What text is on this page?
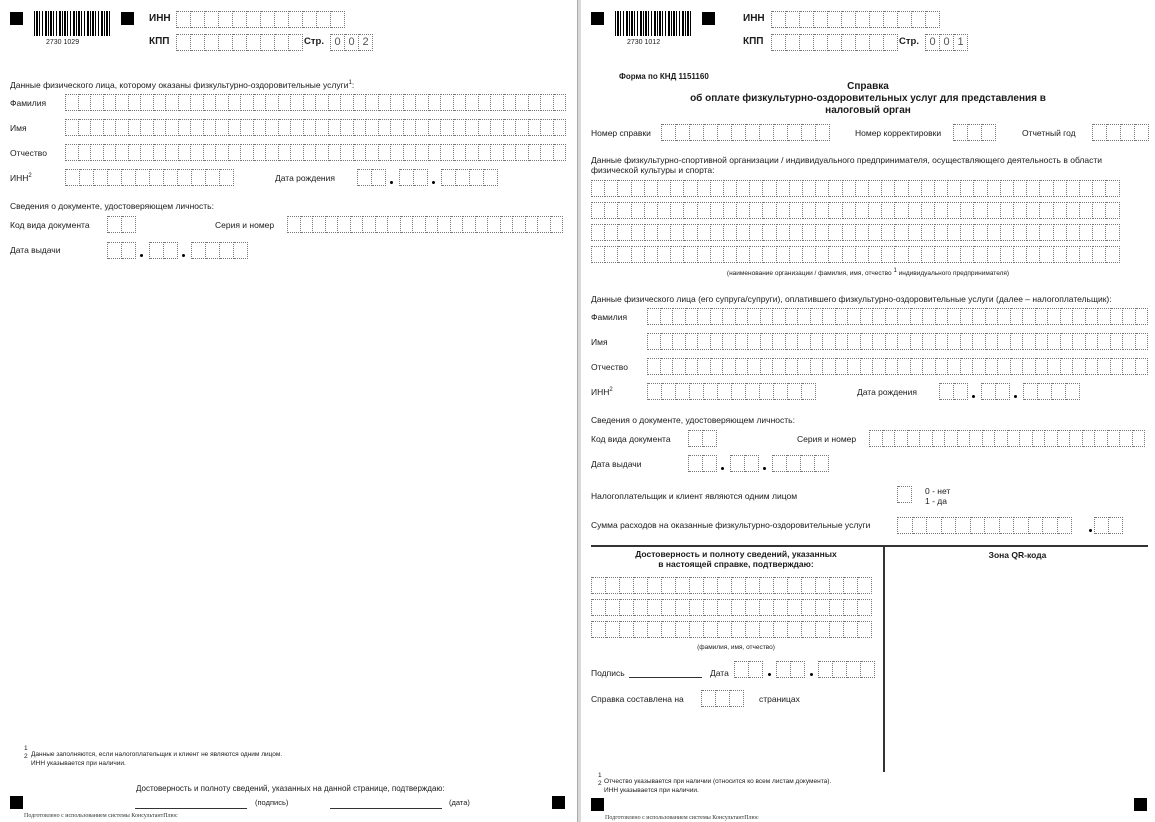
2730 1029
ИНН
КПП	Стр. 0 0 2
Данные физического лица, которому оказаны физкультурно-оздоровительные услуги$^1$:
Фамилия
Имя
Отчество
ИНН$^2$	Дата рождения
Сведения о документе, удостоверяющем личность:
Код вида документа	Серия и номер
Дата выдачи
1
2 Данные заполняются, если налогоплательщик и клиент не являются одним лицом.
ИНН указывается при наличии.
Достоверность и полноту сведений, указанных на данной странице, подтверждаю:
(подпись)	(дата)
Подготовлено с использованием системы КонсультантПлюс
2730 1012
ИНН
КПП	Стр. 0 0 1
Форма по КНД 1151160
Справка
об оплате физкультурно-оздоровительных услуг для представления в
налоговый орган
Номер справки	Номер корректировки	Отчетный год
Данные физкультурно-спортивной организации / индивидуального предпринимателя, осуществляющего деятельность в области
физической культуры и спорта:
(наименование организации / фамилия, имя, отчество $^1$ индивидуального предпринимателя)
Данные физического лица (его супруга/супруги), оплатившего физкультурно-оздоровительные услуги (далее – налогоплательщик):
Фамилия
Имя
Отчество
ИНН$^2$	Дата рождения
Сведения о документе, удостоверяющем личность:
Код вида документа	Серия и номер
Дата выдачи
Налогоплательщик и клиент являются одним лицом	0 - нет
1 - да
Сумма расходов на оказанные физкультурно-оздоровительные услуги
Достоверность и полноту сведений, указанных
в настоящей справке, подтверждаю:
Зона QR-кода
(фамилия, имя, отчество)
Подпись	Дата
Справка составлена на	страницах
1
2 Отчество указывается при наличии (относится ко всем листам документа).
ИНН указывается при наличии.
Подготовлено с использованием системы КонсультантПлюс
